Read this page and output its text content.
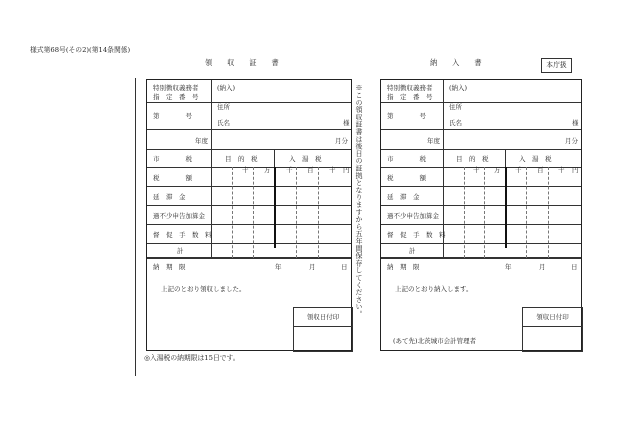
様式第68号(その2)(第14条関係)
領　　収　　証　　書
領収日付印
特別徴収義務者
指　定　番　号
(納入)
住所
第　　　　号
氏名	様
年度	月分
市　　　　税	目　的　税	入　湯　税
税　　　　額
十 万 千 百 十 円
延　滞　金
過不少申告加算金
督　促　手　数　料
計
納　期　限	年	月	日
上記のとおり領収しました。
◎入湯税の納期限は15日です。
※この領収証書は後日の証拠となりますから五年間保存してください。
納　　入　　書	本庁扱
領収日付印
特別徴収義務者
指　定　番　号
(納入)
住所
第　　　　号
氏名	様
年度	月分
市　　　　税	目　的　税	入　湯　税
税　　　　額
十 万 千 百 十 円
延　滞　金
過不少申告加算金
督　促　手　数　料
計
納　期　限	年	月	日
上記のとおり納入します。
(あて先)北茨城市会計管理者
